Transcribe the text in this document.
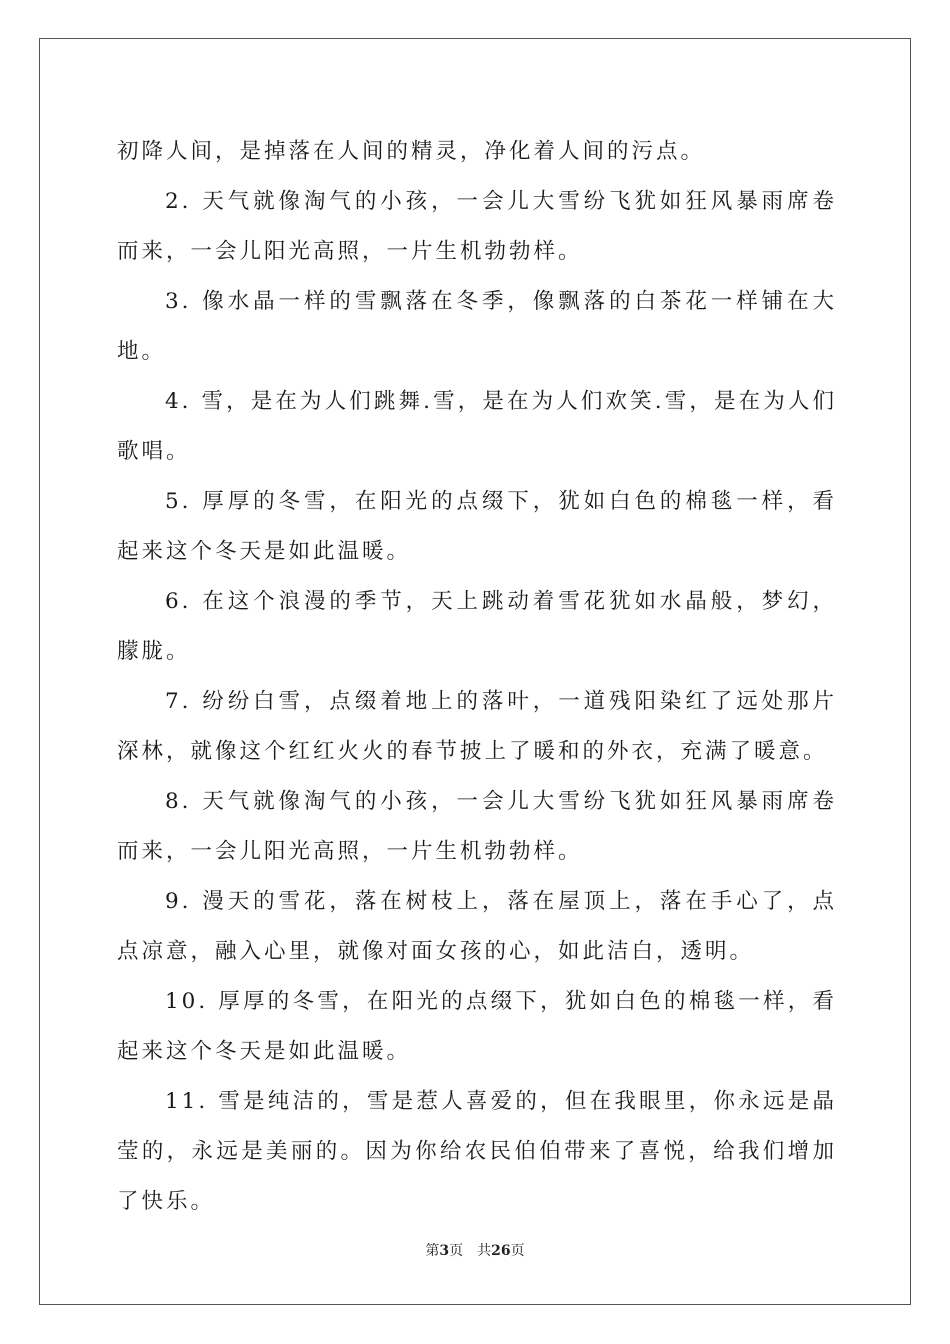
初降人间，是掉落在人间的精灵，净化着人间的污点。

2. 天气就像淘气的小孩，一会儿大雪纷飞犹如狂风暴雨席卷而来，一会儿阳光高照，一片生机勃勃样。

3. 像水晶一样的雪飘落在冬季，像飘落的白茶花一样铺在大地。

4. 雪，是在为人们跳舞.雪，是在为人们欢笑.雪，是在为人们歌唱。

5. 厚厚的冬雪，在阳光的点缀下，犹如白色的棉毯一样，看起来这个冬天是如此温暖。

6. 在这个浪漫的季节，天上跳动着雪花犹如水晶般，梦幻，朦胧。

7. 纷纷白雪，点缀着地上的落叶，一道残阳染红了远处那片深林，就像这个红红火火的春节披上了暖和的外衣，充满了暖意。

8. 天气就像淘气的小孩，一会儿大雪纷飞犹如狂风暴雨席卷而来，一会儿阳光高照，一片生机勃勃样。

9. 漫天的雪花，落在树枝上，落在屋顶上，落在手心了，点点凉意，融入心里，就像对面女孩的心，如此洁白，透明。

10. 厚厚的冬雪，在阳光的点缀下，犹如白色的棉毯一样，看起来这个冬天是如此温暖。

11. 雪是纯洁的，雪是惹人喜爱的，但在我眼里，你永远是晶莹的，永远是美丽的。因为你给农民伯伯带来了喜悦，给我们增加了快乐。

第3页 共26页
